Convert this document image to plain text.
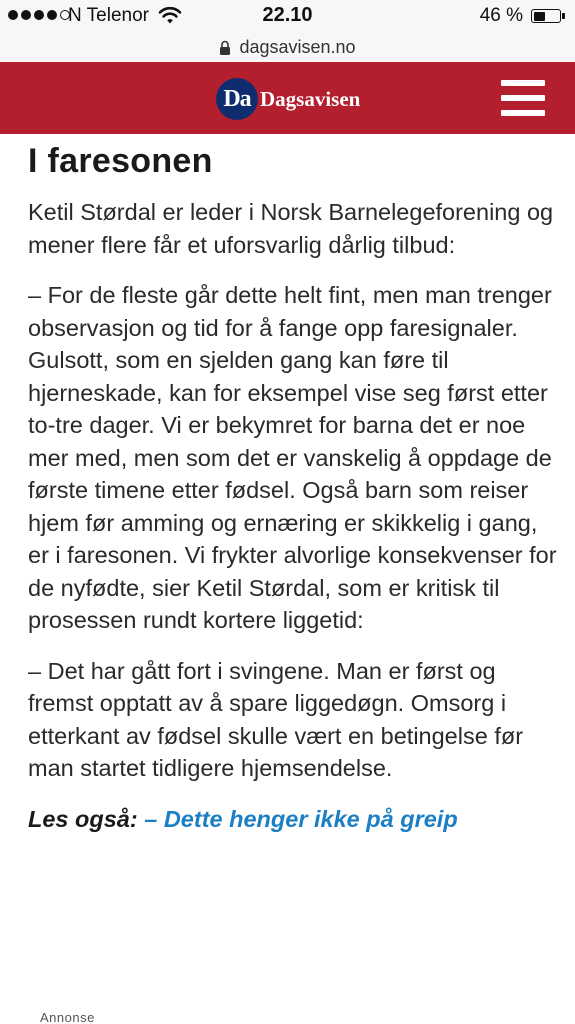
N Telenor	22.10	46 %
dagsavisen.no
Da Dagsavisen
I faresonen

Ketil Størdal er leder i Norsk Barnelegeforening og mener flere får et uforsvarlig dårlig tilbud:

– For de fleste går dette helt fint, men man trenger observasjon og tid for å fange opp faresignaler. Gulsott, som en sjelden gang kan føre til hjerneskade, kan for eksempel vise seg først etter to-tre dager. Vi er bekymret for barna det er noe mer med, men som det er vanskelig å oppdage de første timene etter fødsel. Også barn som reiser hjem før amming og ernæring er skikkelig i gang, er i faresonen. Vi frykter alvorlige konsekvenser for de nyfødte, sier Ketil Størdal, som er kritisk til prosessen rundt kortere liggetid:

– Det har gått fort i svingene. Man er først og fremst opptatt av å spare liggedøgn. Omsorg i etterkant av fødsel skulle vært en betingelse før man startet tidligere hjemsendelse.

Les også: – Dette henger ikke på greip
Annonse
